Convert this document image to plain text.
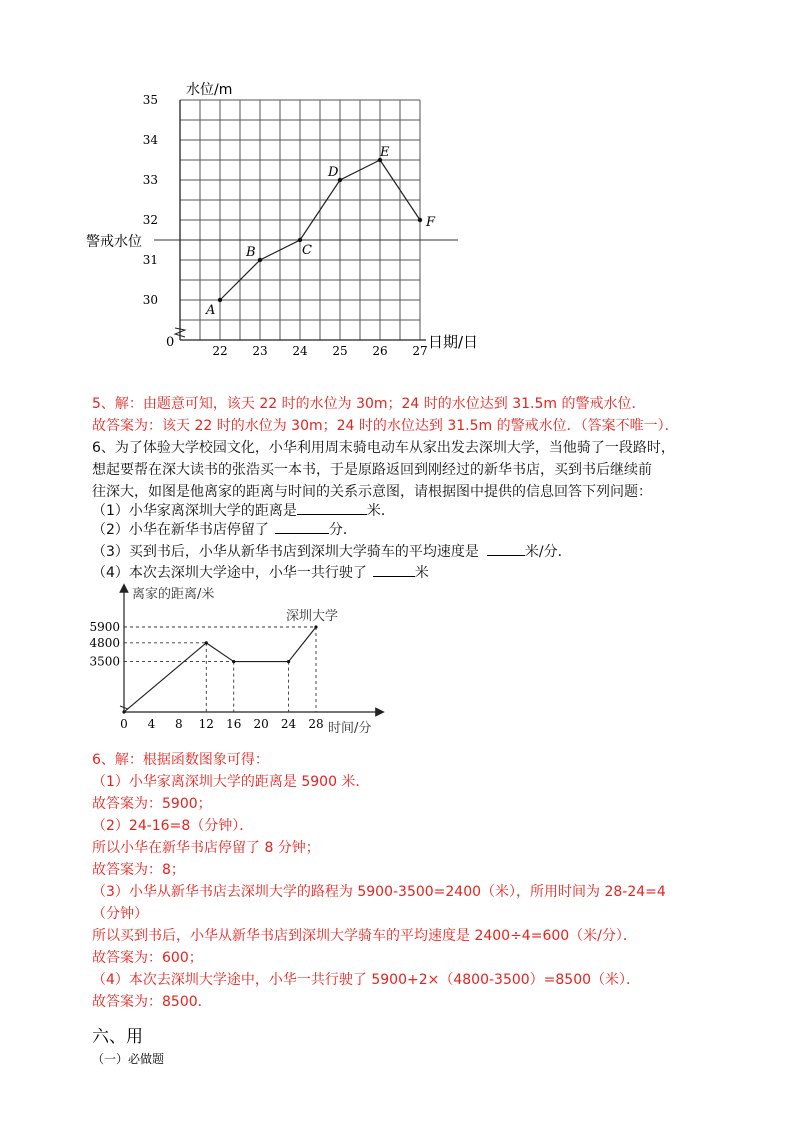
水位/m
日期/日
警戒水位
0
30
31
32
33
34
35
22 23 24 25 26 27
A
B	C
D
E
F
5、解：由题意可知，该天 22 时的水位为 30m；24 时的水位达到 31.5m 的警戒水位．
故答案为：该天 22 时的水位为 30m；24 时的水位达到 31.5m 的警戒水位．（答案不唯一）．
6、为了体验大学校园文化，小华利用周末骑电动车从家出发去深圳大学，当他骑了一段路时，
想起要帮在深大读书的张浩买一本书，于是原路返回到刚经过的新华书店，买到书后继续前
往深大，如图是他离家的距离与时间的关系示意图，请根据图中提供的信息回答下列问题：
（1）小华家离深圳大学的距离是	米．
（2）小华在新华书店停留了	分．
（3）买到书后，小华从新华书店到深圳大学骑车的平均速度是	米/分．
（4）本次去深圳大学途中，小华一共行驶了	米
离家的距离/米
时间/分
深圳大学
5900
4800
3500
0 4 8 12 16 20 24 28
6、解：根据函数图象可得：
（1）小华家离深圳大学的距离是 5900 米．
故答案为：5900；
（2）24-16=8（分钟）．
所以小华在新华书店停留了 8 分钟；
故答案为：8；
（3）小华从新华书店去深圳大学的路程为 5900-3500=2400（米），所用时间为 28-24=4
（分钟）
所以买到书后，小华从新华书店到深圳大学骑车的平均速度是 2400÷4=600（米/分）．
故答案为：600；
（4）本次去深圳大学途中，小华一共行驶了 5900+2×（4800-3500）=8500（米）．
故答案为：8500．
六、用
（一）必做题
